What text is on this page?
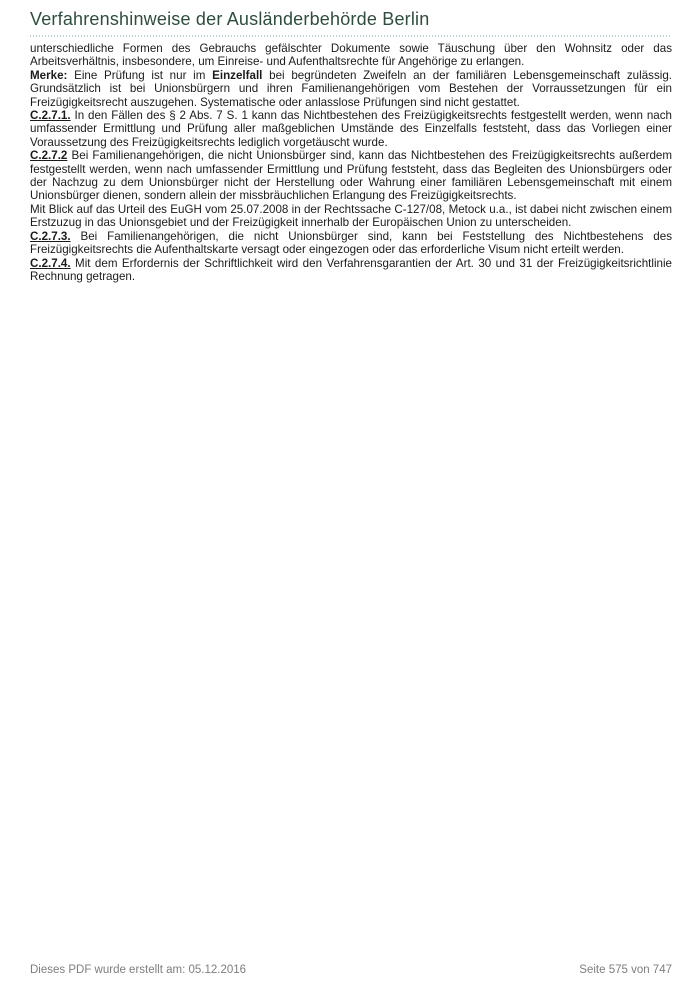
Verfahrenshinweise der Ausländerbehörde Berlin

unterschiedliche Formen des Gebrauchs gefälschter Dokumente sowie Täuschung über den Wohnsitz oder das Arbeitsverhältnis, insbesondere, um Einreise- und Aufenthaltsrechte für Angehörige zu erlangen.

Merke: Eine Prüfung ist nur im Einzelfall bei begründeten Zweifeln an der familiären Lebensgemeinschaft zulässig. Grundsätzlich ist bei Unionsbürgern und ihren Familienangehörigen vom Bestehen der Vorraussetzungen für ein Freizügigkeitsrecht auszugehen. Systematische oder anlasslose Prüfungen sind nicht gestattet.

C.2.7.1. In den Fällen des § 2 Abs. 7 S. 1 kann das Nichtbestehen des Freizügigkeitsrechts festgestellt werden, wenn nach umfassender Ermittlung und Prüfung aller maßgeblichen Umstände des Einzelfalls feststeht, dass das Vorliegen einer Voraussetzung des Freizügigkeitsrechts lediglich vorgetäuscht wurde.

C.2.7.2 Bei Familienangehörigen, die nicht Unionsbürger sind, kann das Nichtbestehen des Freizügigkeitsrechts außerdem festgestellt werden, wenn nach umfassender Ermittlung und Prüfung feststeht, dass das Begleiten des Unionsbürgers oder der Nachzug zu dem Unionsbürger nicht der Herstellung oder Wahrung einer familiären Lebensgemeinschaft mit einem Unionsbürger dienen, sondern allein der missbräuchlichen Erlangung des Freizügigkeitsrechts.

Mit Blick auf das Urteil des EuGH vom 25.07.2008 in der Rechtssache C-127/08, Metock u.a., ist dabei nicht zwischen einem Erstzuzug in das Unionsgebiet und der Freizügigkeit innerhalb der Europäischen Union zu unterscheiden.

C.2.7.3. Bei Familienangehörigen, die nicht Unionsbürger sind, kann bei Feststellung des Nichtbestehens des Freizügigkeitsrechts die Aufenthaltskarte versagt oder eingezogen oder das erforderliche Visum nicht erteilt werden.

C.2.7.4. Mit dem Erfordernis der Schriftlichkeit wird den Verfahrensgarantien der Art. 30 und 31 der Freizügigkeitsrichtlinie Rechnung getragen.

Dieses PDF wurde erstellt am: 05.12.2016	Seite 575 von 747
